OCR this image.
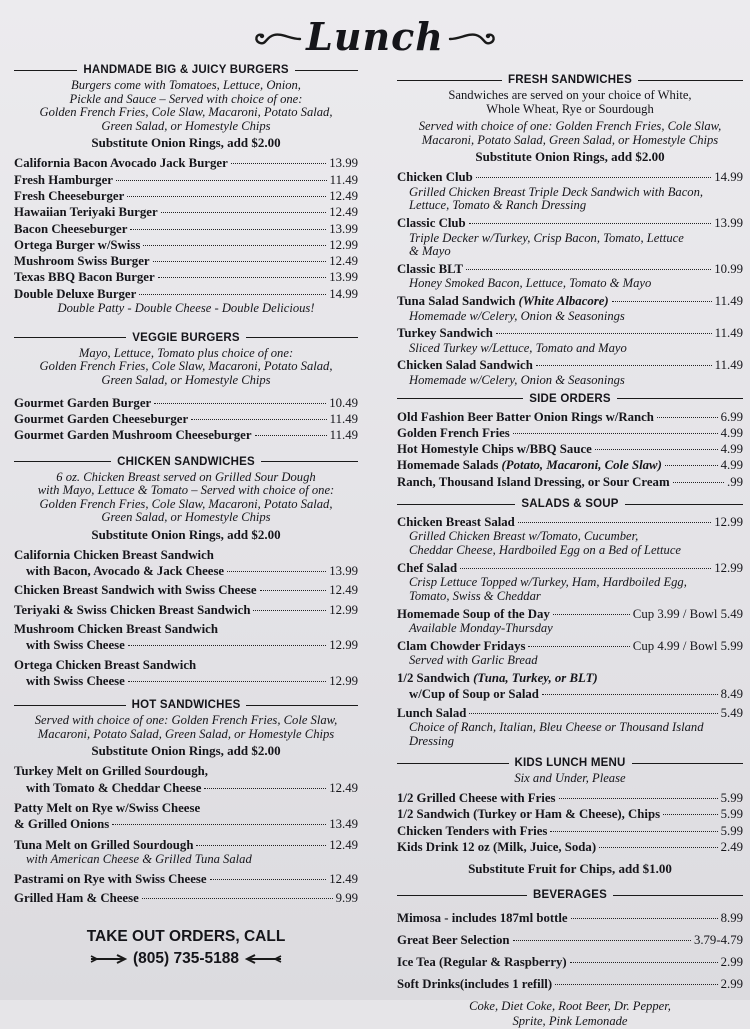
Lunch
HANDMADE BIG & JUICY BURGERS
Burgers come with Tomatoes, Lettuce, Onion,
Pickle and Sauce – Served with choice of one:
Golden French Fries, Cole Slaw, Macaroni, Potato Salad,
Green Salad, or Homestyle Chips
Substitute Onion Rings, add $2.00
California Bacon Avocado Jack Burger	13.99
Fresh Hamburger	11.49
Fresh Cheeseburger	12.49
Hawaiian Teriyaki Burger	12.49
Bacon Cheeseburger	13.99
Ortega Burger w/Swiss	12.99
Mushroom Swiss Burger	12.49
Texas BBQ Bacon Burger	13.99
Double Deluxe Burger	14.99
Double Patty - Double Cheese - Double Delicious!
VEGGIE BURGERS
Mayo, Lettuce, Tomato plus choice of one:
Golden French Fries, Cole Slaw, Macaroni, Potato Salad,
Green Salad, or Homestyle Chips
Gourmet Garden Burger	10.49
Gourmet Garden Cheeseburger	11.49
Gourmet Garden Mushroom Cheeseburger	11.49
CHICKEN SANDWICHES
6 oz. Chicken Breast served on Grilled Sour Dough
with Mayo, Lettuce & Tomato – Served with choice of one:
Golden French Fries, Cole Slaw, Macaroni, Potato Salad,
Green Salad, or Homestyle Chips
Substitute Onion Rings, add $2.00
California Chicken Breast Sandwich
with Bacon, Avocado & Jack Cheese	13.99
Chicken Breast Sandwich with Swiss Cheese	12.49
Teriyaki & Swiss Chicken Breast Sandwich	12.99
Mushroom Chicken Breast Sandwich
with Swiss Cheese	12.99
Ortega Chicken Breast Sandwich
with Swiss Cheese	12.99
HOT SANDWICHES
Served with choice of one: Golden French Fries, Cole Slaw,
Macaroni, Potato Salad, Green Salad, or Homestyle Chips
Substitute Onion Rings, add $2.00
Turkey Melt on Grilled Sourdough,
with Tomato & Cheddar Cheese	12.49
Patty Melt on Rye w/Swiss Cheese
& Grilled Onions	13.49
Tuna Melt on Grilled Sourdough	12.49
with American Cheese & Grilled Tuna Salad
Pastrami on Rye with Swiss Cheese	12.49
Grilled Ham & Cheese	9.99
TAKE OUT ORDERS, CALL
(805) 735-5188
FRESH SANDWICHES
Sandwiches are served on your choice of White,
Whole Wheat, Rye or Sourdough
Served with choice of one: Golden French Fries, Cole Slaw,
Macaroni, Potato Salad, Green Salad, or Homestyle Chips
Substitute Onion Rings, add $2.00
Chicken Club	14.99
Grilled Chicken Breast Triple Deck Sandwich with Bacon,
Lettuce, Tomato & Ranch Dressing
Classic Club	13.99
Triple Decker w/Turkey, Crisp Bacon, Tomato, Lettuce
& Mayo
Classic BLT	10.99
Honey Smoked Bacon, Lettuce, Tomato & Mayo
Tuna Salad Sandwich (White Albacore)	11.49
Homemade w/Celery, Onion & Seasonings
Turkey Sandwich	11.49
Sliced Turkey w/Lettuce, Tomato and Mayo
Chicken Salad Sandwich	11.49
Homemade w/Celery, Onion & Seasonings
SIDE ORDERS
Old Fashion Beer Batter Onion Rings w/Ranch	6.99
Golden French Fries	4.99
Hot Homestyle Chips w/BBQ Sauce	4.99
Homemade Salads (Potato, Macaroni, Cole Slaw)	4.99
Ranch, Thousand Island Dressing, or Sour Cream	.99
SALADS & SOUP
Chicken Breast Salad	12.99
Grilled Chicken Breast w/Tomato, Cucumber,
Cheddar Cheese, Hardboiled Egg on a Bed of Lettuce
Chef Salad	12.99
Crisp Lettuce Topped w/Turkey, Ham, Hardboiled Egg,
Tomato, Swiss & Cheddar
Homemade Soup of the Day	Cup 3.99 / Bowl 5.49
Available Monday-Thursday
Clam Chowder Fridays	Cup 4.99 / Bowl 5.99
Served with Garlic Bread
1/2 Sandwich (Tuna, Turkey, or BLT)
w/Cup of Soup or Salad	8.49
Lunch Salad	5.49
Choice of Ranch, Italian, Bleu Cheese or Thousand Island Dressing
KIDS LUNCH MENU
Six and Under, Please
1/2 Grilled Cheese with Fries	5.99
1/2 Sandwich (Turkey or Ham & Cheese), Chips	5.99
Chicken Tenders with Fries	5.99
Kids Drink 12 oz (Milk, Juice, Soda)	2.49
Substitute Fruit for Chips, add $1.00
BEVERAGES
Mimosa - includes 187ml bottle	8.99
Great Beer Selection	3.79-4.79
Ice Tea (Regular & Raspberry)	2.99
Soft Drinks(includes 1 refill)	2.99
Coke, Diet Coke, Root Beer, Dr. Pepper,
Sprite, Pink Lemonade
